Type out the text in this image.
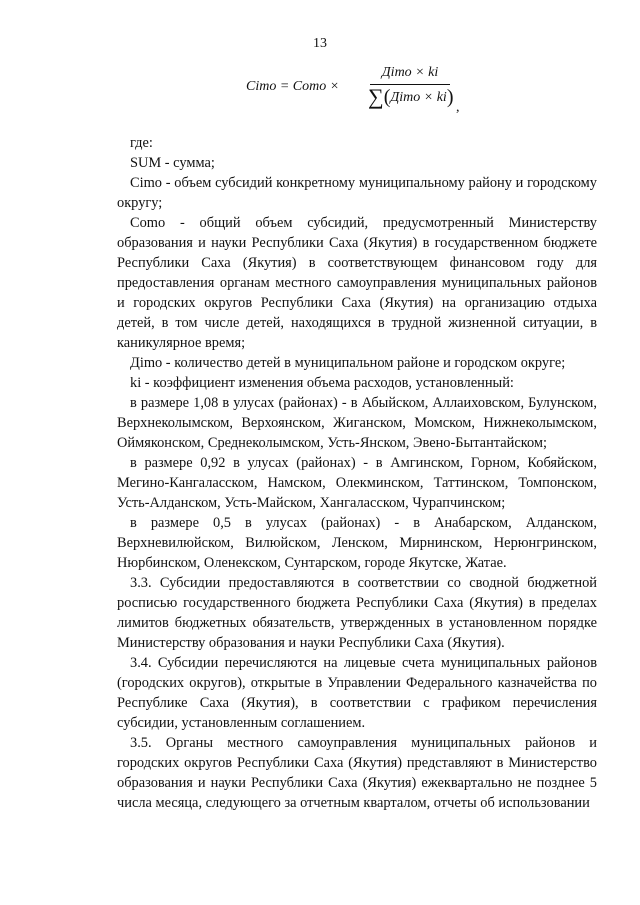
13
Cimo = Como ×
Дimo × ki
∑(Дimo × ki) ,

где:

SUM - сумма;

Cimo - объем субсидий конкретному муниципальному району и городскому округу;

Como - общий объем субсидий, предусмотренный Министерству образования и науки Республики Саха (Якутия) в государственном бюджете Республики Саха (Якутия) в соответствующем финансовом году для предоставления органам местного самоуправления муниципальных районов и городских округов Республики Саха (Якутия) на организацию отдыха детей, в том числе детей, находящихся в трудной жизненной ситуации, в каникулярное время;

Дimo - количество детей в муниципальном районе и городском округе;

ki - коэффициент изменения объема расходов, установленный:

в размере 1,08 в улусах (районах) - в Абыйском, Аллаиховском, Булунском, Верхнеколымском, Верхоянском, Жиганском, Момском, Нижнеколымском, Оймяконском, Среднеколымском, Усть-Янском, Эвено-Бытантайском;

в размере 0,92 в улусах (районах) - в Амгинском, Горном, Кобяйском, Мегино-Кангаласском, Намском, Олекминском, Таттинском, Томпонском, Усть-Алданском, Усть-Майском, Хангаласском, Чурапчинском;

в размере 0,5 в улусах (районах) - в Анабарском, Алданском, Верхневилюйском, Вилюйском, Ленском, Мирнинском, Нерюнгринском, Нюрбинском, Оленекском, Сунтарском, городе Якутске, Жатае.

3.3. Субсидии предоставляются в соответствии со сводной бюджетной росписью государственного бюджета Республики Саха (Якутия) в пределах лимитов бюджетных обязательств, утвержденных в установленном порядке Министерству образования и науки Республики Саха (Якутия).

3.4. Субсидии перечисляются на лицевые счета муниципальных районов (городских округов), открытые в Управлении Федерального казначейства по Республике Саха (Якутия), в соответствии с графиком перечисления субсидии, установленным соглашением.

3.5. Органы местного самоуправления муниципальных районов и городских округов Республики Саха (Якутия) представляют в Министерство образования и науки Республики Саха (Якутия) ежеквартально не позднее 5 числа месяца, следующего за отчетным кварталом, отчеты об использовании
